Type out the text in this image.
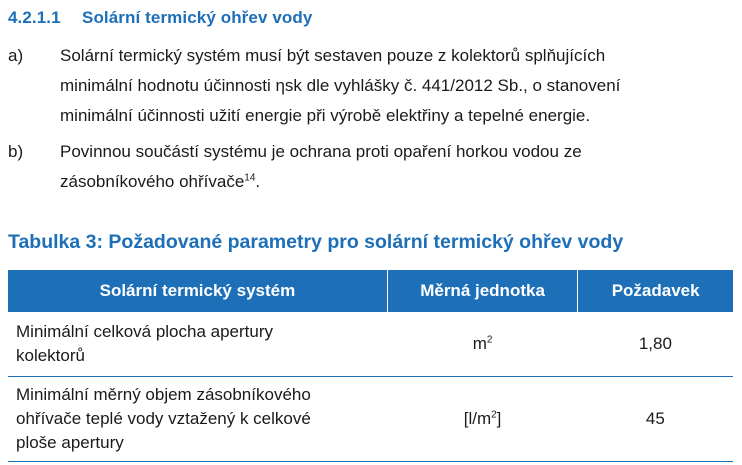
4.2.1.1 Solární termický ohřev vody
a)	Solární termický systém musí být sestaven pouze z kolektorů splňujících
minimální hodnotu účinnosti ηsk dle vyhlášky č. 441/2012 Sb., o stanovení
minimální účinnosti užití energie při výrobě elektřiny a tepelné energie.
b)	Povinnou součástí systému je ochrana proti opaření horkou vodou ze
zásobníkového ohřívače$^{14}$.
Tabulka 3: Požadované parametry pro solární termický ohřev vody
Solární termický systém	Měrná jednotka	Požadavek

Minimální celková plocha apertury
kolektorů	$m^2$	1,80

Minimální měrný objem zásobníkového
ohřívače teplé vody vztažený k celkové
ploše apertury	$[l/m^2]$	45
